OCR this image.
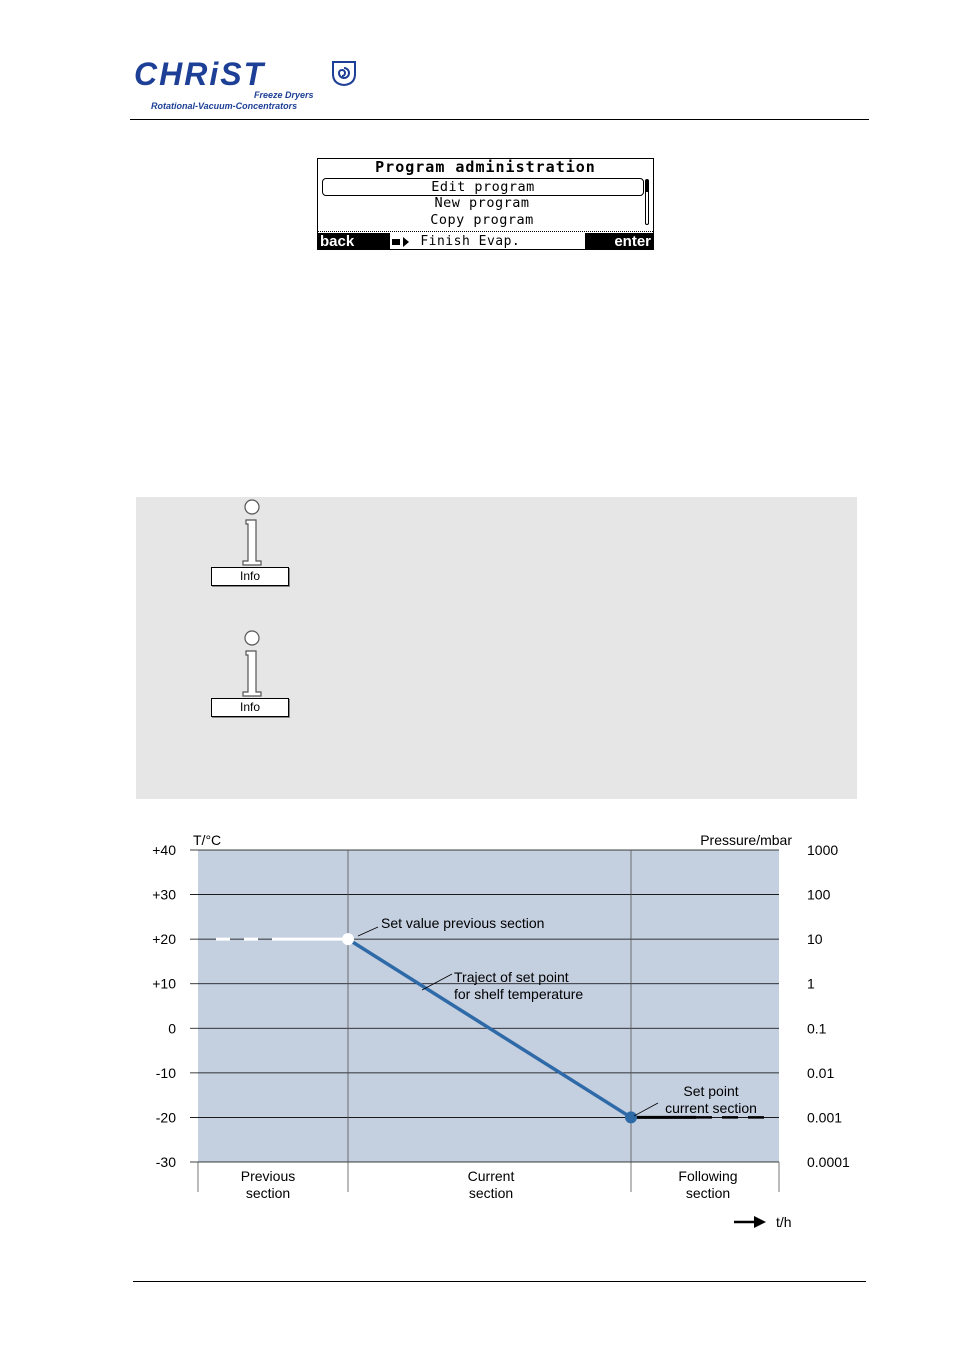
CHRiST
Freeze Dryers
Rotational-Vacuum-Concentrators
Program administration
Edit program
New program
Copy program
back	Finish Evap.	enter
Info
Info
+40	1000
+30	100
+20	10
+10	1
0	0.1
-10	0.01
-20	0.001
-30	0.0001
T/°C	Pressure/mbar
Previous section
Current section
Following section
t/h
Set value previous section
Traject of set point for shelf temperature
Set point current section
